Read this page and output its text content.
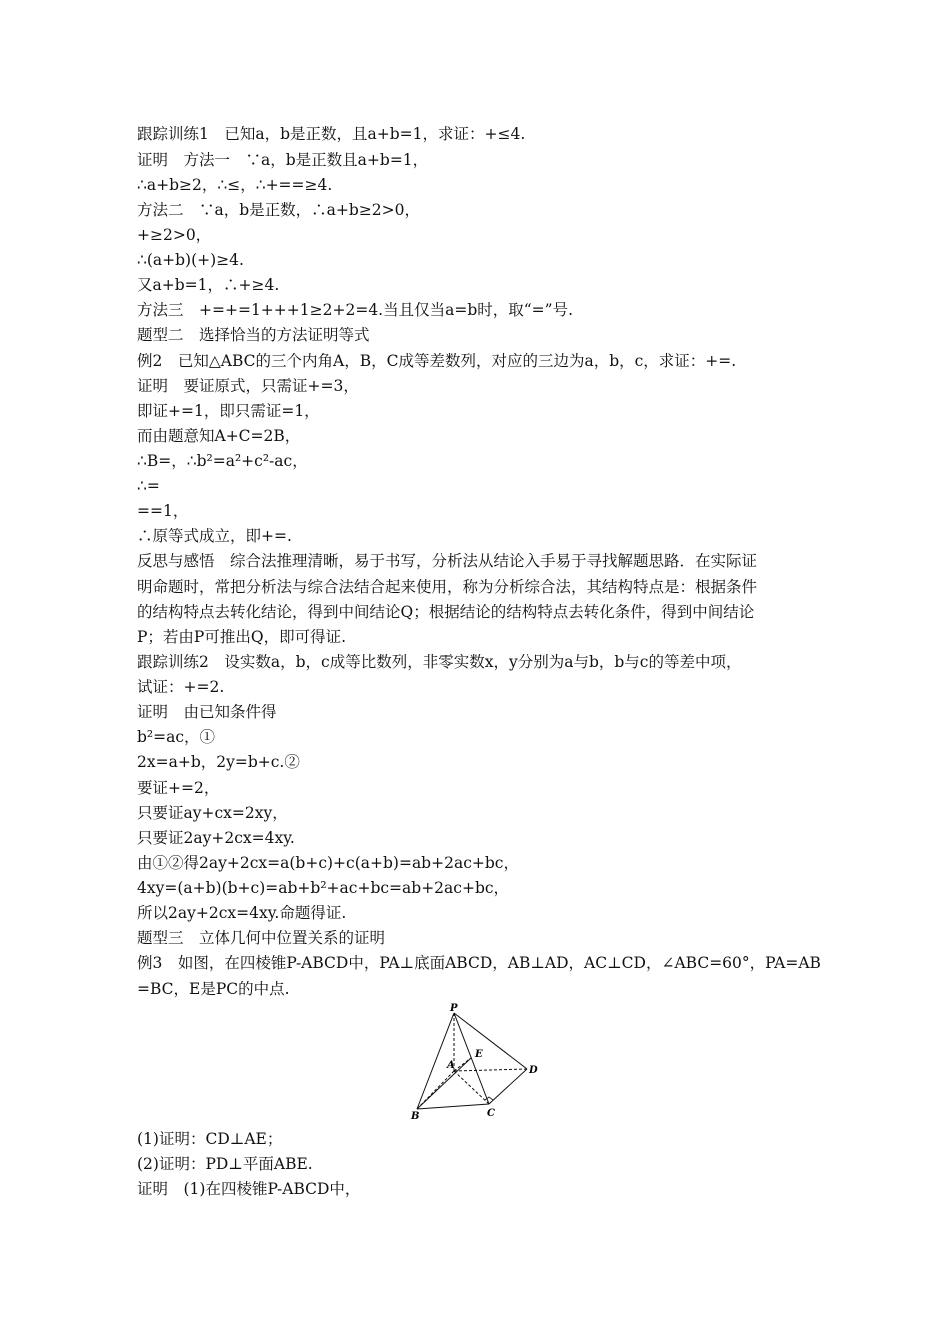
跟踪训练1　已知a，b是正数，且a+b=1，求证：+≤4.
证明　方法一　∵a，b是正数且a+b=1，
∴a+b≥2，∴≤，∴+==≥4.
方法二　∵a，b是正数，∴a+b≥2>0，
+≥2>0，
∴(a+b)(+)≥4.
又a+b=1，∴+≥4.
方法三　+=+=1+++1≥2+2=4.当且仅当a=b时，取“=”号.
题型二　选择恰当的方法证明等式
例2　已知△ABC的三个内角A，B，C成等差数列，对应的三边为a，b，c，求证：+=.
证明　要证原式，只需证+=3，
即证+=1，即只需证=1，
而由题意知A+C=2B，
∴B=，∴b²=a²+c²-ac，
∴=
==1，
∴原等式成立，即+=.
反思与感悟　综合法推理清晰，易于书写，分析法从结论入手易于寻找解题思路．在实际证
明命题时，常把分析法与综合法结合起来使用，称为分析综合法，其结构特点是：根据条件
的结构特点去转化结论，得到中间结论Q；根据结论的结构特点去转化条件，得到中间结论
P；若由P可推出Q，即可得证.
跟踪训练2　设实数a，b，c成等比数列，非零实数x，y分别为a与b，b与c的等差中项，
试证：+=2.
证明　由已知条件得
b²=ac，①
2x=a+b，2y=b+c.②
要证+=2，
只要证ay+cx=2xy，
只要证2ay+2cx=4xy.
由①②得2ay+2cx=a(b+c)+c(a+b)=ab+2ac+bc，
4xy=(a+b)(b+c)=ab+b²+ac+bc=ab+2ac+bc，
所以2ay+2cx=4xy.命题得证.
题型三　立体几何中位置关系的证明
例3　如图，在四棱锥P-ABCD中，PA⊥底面ABCD，AB⊥AD，AC⊥CD，∠ABC=60°，PA=AB
=BC，E是PC的中点.
P
A
E
D
B	C
(1)证明：CD⊥AE；
(2)证明：PD⊥平面ABE.
证明　(1)在四棱锥P-ABCD中，
